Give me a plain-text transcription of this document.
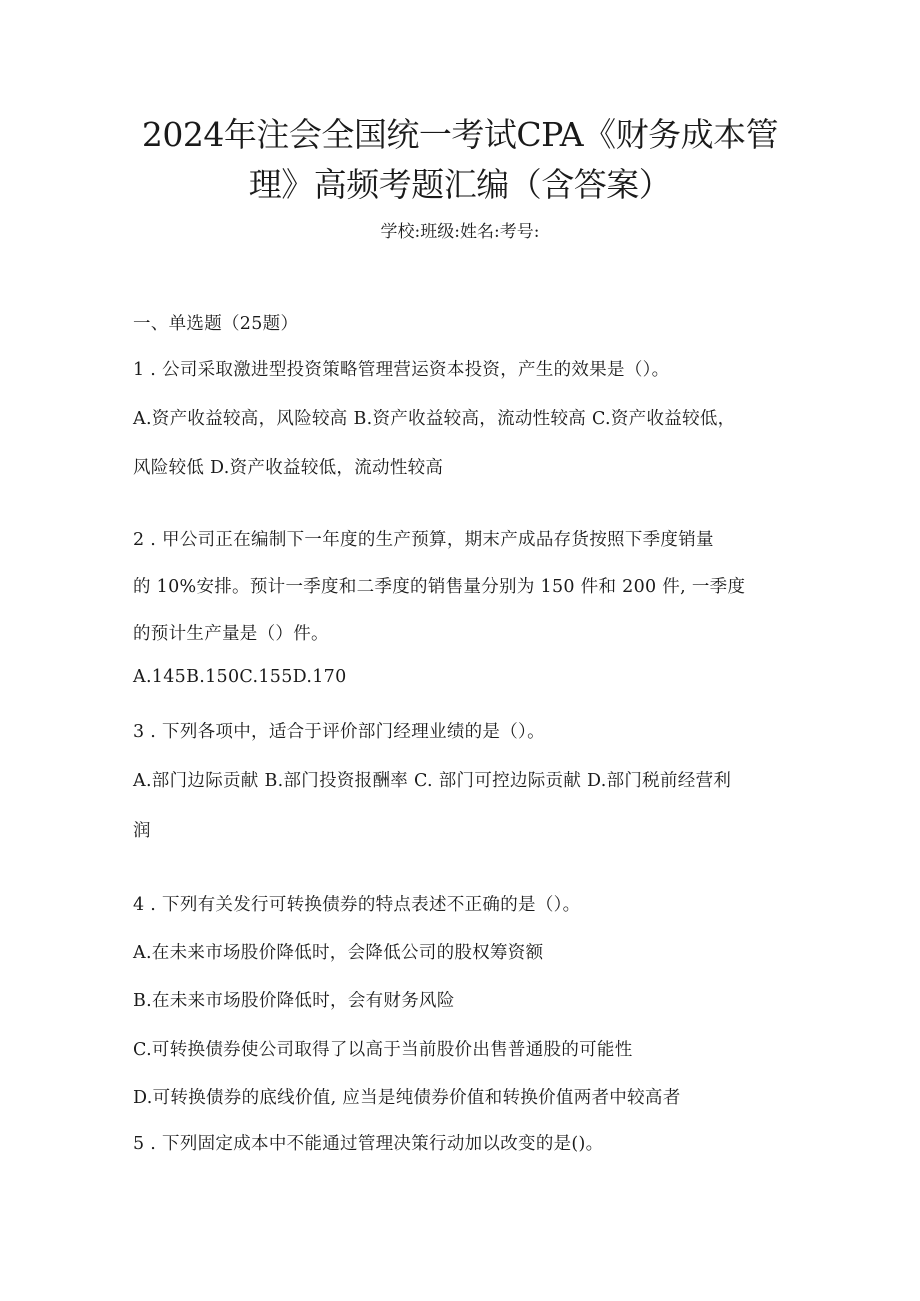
2024年注会全国统一考试CPA《财务成本管
理》高频考题汇编（含答案）
学校:班级:姓名:考号:
一、单选题（25题）
1 . 公司采取激进型投资策略管理营运资本投资，产生的效果是（）。
A.资产收益较高，风险较高 B.资产收益较高，流动性较高 C.资产收益较低，
风险较低 D.资产收益较低，流动性较高
2 . 甲公司正在编制下一年度的生产预算，期末产成品存货按照下季度销量
的 10%安排。预计一季度和二季度的销售量分别为 150 件和 200 件, 一季度
的预计生产量是（）件。
A.145B.150C.155D.170
3 . 下列各项中，适合于评价部门经理业绩的是（）。
A.部门边际贡献 B.部门投资报酬率 C. 部门可控边际贡献 D.部门税前经营利
润
4 . 下列有关发行可转换债券的特点表述不正确的是（）。
A.在未来市场股价降低时，会降低公司的股权筹资额
B.在未来市场股价降低时，会有财务风险
C.可转换债券使公司取得了以高于当前股价出售普通股的可能性
D.可转换债券的底线价值, 应当是纯债券价值和转换价值两者中较高者
5 . 下列固定成本中不能通过管理决策行动加以改变的是()。
